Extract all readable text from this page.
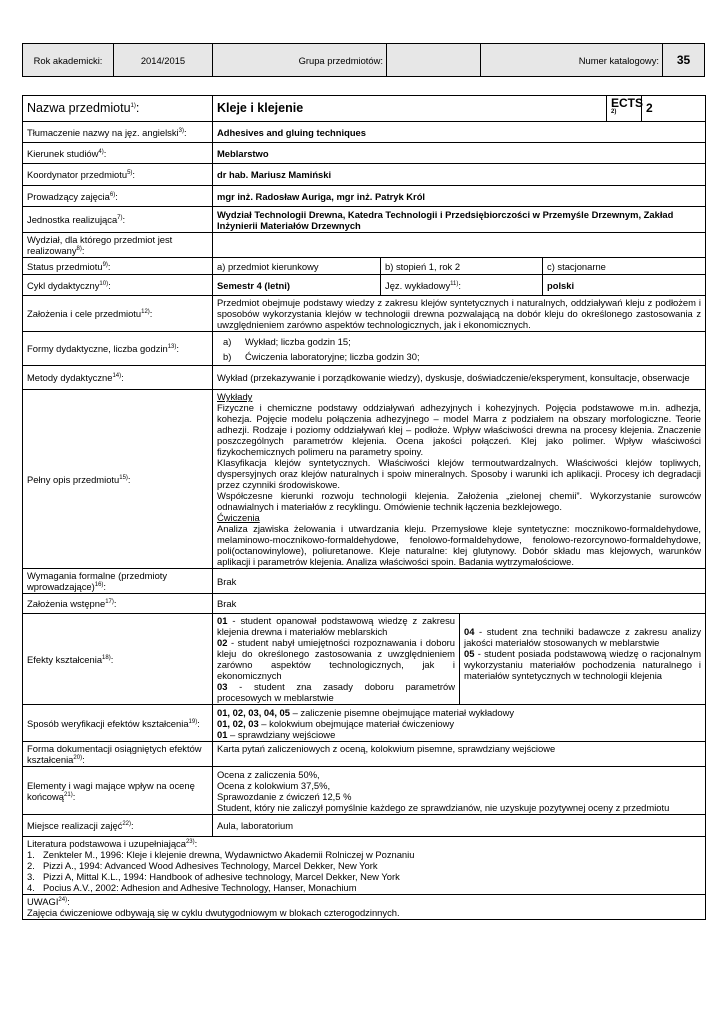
Rok akademicki:	2014/2015	Grupa przedmiotów:		Numer katalogowy:	35
Nazwa przedmiotu$^{1)}$:	Kleje i klejenie	ECTS $^{2)}$	2
Tłumaczenie nazwy na jęz. angielski$^{3)}$:	Adhesives and gluing techniques
Kierunek studiów$^{4)}$:	Meblarstwo
Koordynator przedmiotu$^{5)}$:	dr hab. Mariusz Mamiński
Prowadzący zajęcia$^{6)}$:	mgr inż. Radosław Auriga, mgr inż. Patryk Król
Jednostka realizująca$^{7)}$:	Wydział Technologii Drewna, Katedra Technologii i Przedsiębiorczości w Przemyśle Drzewnym, Zakład Inżynierii Materiałów Drzewnych
Wydział, dla którego przedmiot jest realizowany$^{8)}$:	
Status przedmiotu$^{9)}$:	a) przedmiot kierunkowy	b) stopień 1, rok 2	c) stacjonarne
Cykl dydaktyczny$^{10)}$:	Semestr 4 (letni)	Jęz. wykładowy$^{11)}$:	polski
Założenia i cele przedmiotu$^{12)}$:	Przedmiot obejmuje podstawy wiedzy z zakresu klejów syntetycznych i naturalnych, oddziaływań kleju z podłożem i sposobów wykorzystania klejów w technologii drewna pozwalającą na dobór kleju do określonego zastosowania z uwzględnieniem zarówno aspektów technologicznych, jak i ekonomicznych.
Formy dydaktyczne, liczba godzin$^{13)}$:	
a) Wykład; liczba godzin 15;
b) Ćwiczenia laboratoryjne; liczba godzin 30;

Metody dydaktyczne$^{14)}$:	Wykład (przekazywanie i porządkowanie wiedzy), dyskusje, doświadczenie/eksperyment, konsultacje, obserwacje
Pełny opis przedmiotu$^{15)}$:	
Wykłady
Fizyczne i chemiczne podstawy oddziaływań adhezyjnych i kohezyjnych. Pojęcia podstawowe m.in. adhezja, kohezja. Pojęcie modelu połączenia adhezyjnego – model Marra z podziałem na obszary morfologiczne. Teorie adhezji. Rodzaje i poziomy oddziaływań klej – podłoże. Wpływ właściwości drewna na procesy klejenia. Znaczenie poszczególnych parametrów klejenia. Ocena jakości połączeń. Klej jako polimer. Wpływ właściwości fizykochemicznych polimeru na parametry spoiny.
Klasyfikacja klejów syntetycznych. Właściwości klejów termoutwardzalnych. Właściwości klejów topliwych, dyspersyjnych oraz klejów naturalnych i spoiw mineralnych. Sposoby i warunki ich aplikacji. Procesy ich degradacji przez czynniki środowiskowe.
Współczesne kierunki rozwoju technologii klejenia. Założenia „zielonej chemii”. Wykorzystanie surowców odnawialnych i materiałów z recyklingu. Omówienie technik łączenia bezklejowego.
Ćwiczenia
Analiza zjawiska żelowania i utwardzania kleju. Przemysłowe kleje syntetyczne: mocznikowo-formaldehydowe, melaminowo-mocznikowo-formaldehydowe, fenolowo-formaldehydowe, fenolowo-rezorcynowo-formaldehydowe, poli(octanowinylowe), poliuretanowe. Kleje naturalne: klej glutynowy. Dobór składu mas klejowych, warunków aplikacji i parametrów klejenia. Analiza właściwości spoin. Badania wytrzymałościowe.

Wymagania formalne (przedmioty wprowadzające)$^{16)}$:	Brak
Założenia wstępne$^{17)}$:	Brak
Efekty kształcenia$^{18)}$:	
01 - student opanował podstawową wiedzę z zakresu klejenia drewna i materiałów meblarskich
02 - student nabył umiejętności rozpoznawania i doboru kleju do określonego zastosowania z uwzględnieniem zarówno aspektów technologicznych, jak i ekonomicznych
03 - student zna zasady doboru parametrów procesowych w meblarstwie

04 - student zna techniki badawcze z zakresu analizy jakości materiałów stosowanych w meblarstwie
05 - student posiada podstawową wiedzę o racjonalnym wykorzystaniu materiałów pochodzenia naturalnego i materiałów syntetycznych w technologii klejenia

Sposób weryfikacji efektów kształcenia$^{19)}$:	
01, 02, 03, 04, 05 – zaliczenie pisemne obejmujące materiał wykładowy
01, 02, 03 – kolokwium obejmujące materiał ćwiczeniowy
01 – sprawdziany wejściowe

Forma dokumentacji osiągniętych efektów kształcenia$^{20)}$:	Karta pytań zaliczeniowych z oceną, kolokwium pisemne, sprawdziany wejściowe
Elementy i wagi mające wpływ na ocenę końcową$^{21)}$:	
Ocena z zaliczenia 50%,
Ocena z kolokwium 37,5%,
Sprawozdanie z ćwiczeń 12,5 %
Student, który nie zaliczył pomyślnie każdego ze sprawdzianów, nie uzyskuje pozytywnej oceny z przedmiotu

Miejsce realizacji zajęć$^{22)}$:	Aula, laboratorium

Literatura podstawowa i uzupełniająca$^{23)}$:
1. Zenkteler M., 1996: Kleje i klejenie drewna, Wydawnictwo Akademii Rolniczej w Poznaniu
2. Pizzi A., 1994: Advanced Wood Adhesives Technology, Marcel Dekker, New York
3. Pizzi A, Mittal K.L., 1994: Handbook of adhesive technology, Marcel Dekker, New York
4. Pocius A.V., 2002: Adhesion and Adhesive Technology, Hanser, Monachium

UWAGI$^{24)}$:
Zajęcia ćwiczeniowe odbywają się w cyklu dwutygodniowym w blokach czterogodzinnych.
